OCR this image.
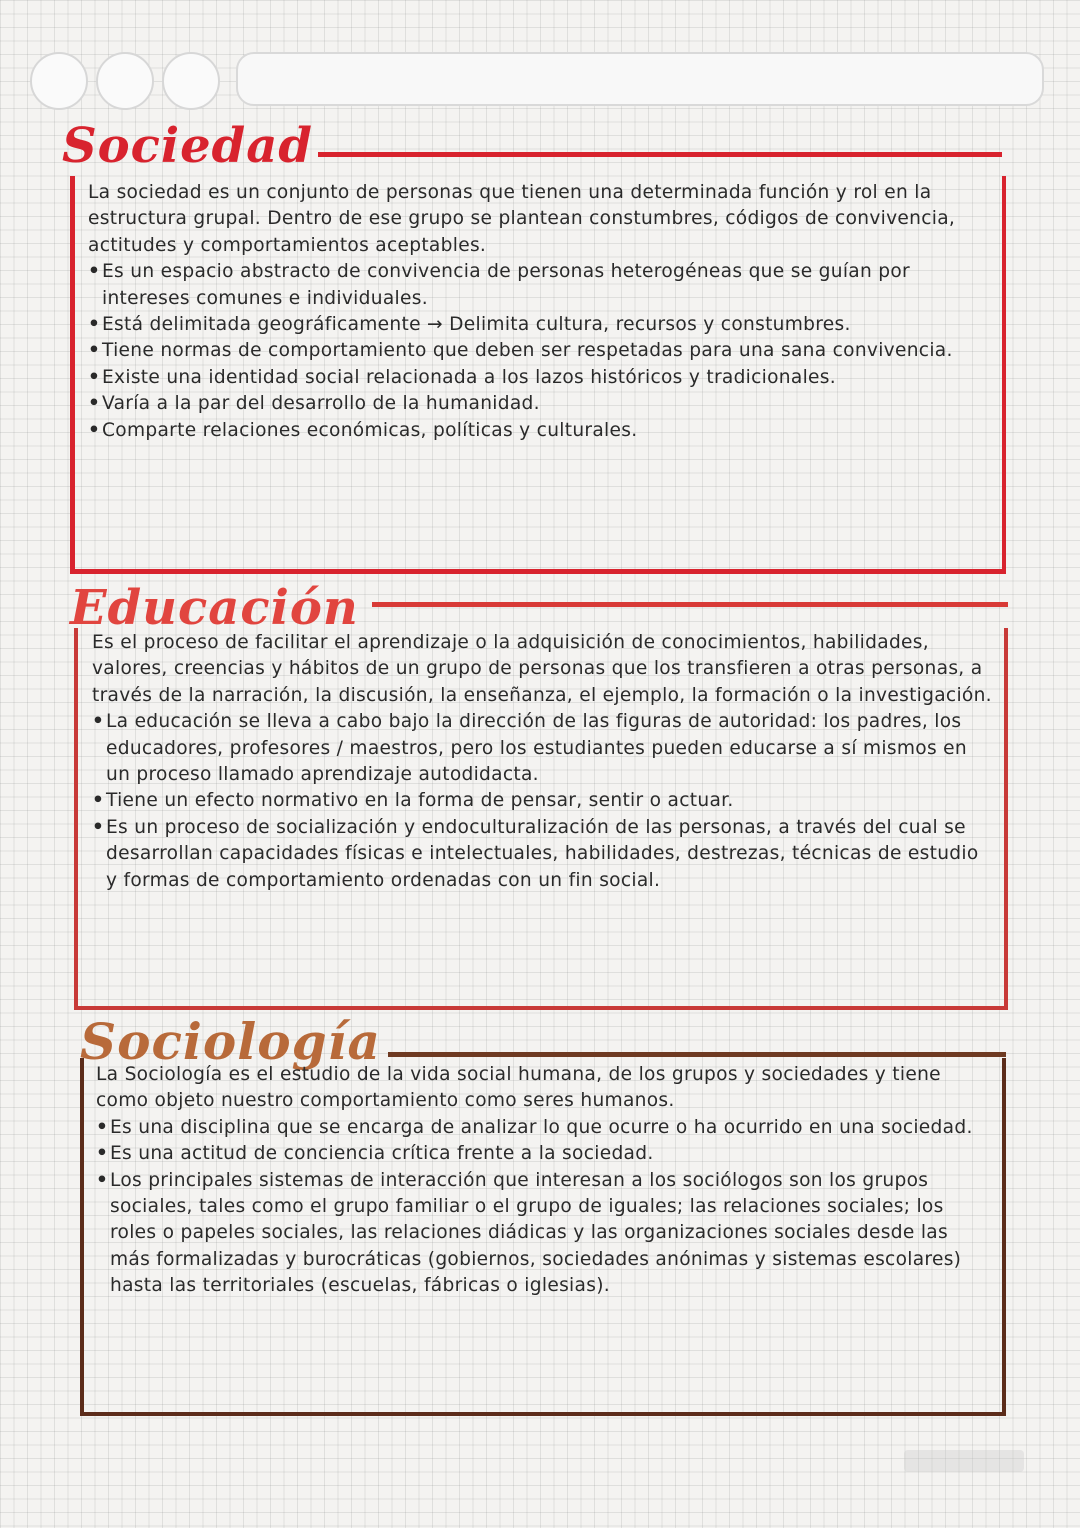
Sociedad

La sociedad es un conjunto de personas que tienen una determinada función y rol en la estructura grupal. Dentro de ese grupo se plantean constumbres, códigos de convivencia, actitudes y comportamientos aceptables.

• Es un espacio abstracto de convivencia de personas heterogéneas que se guían por intereses comunes e individuales.
• Está delimitada geográficamente → Delimita cultura, recursos y constumbres.
• Tiene normas de comportamiento que deben ser respetadas para una sana convivencia.
• Existe una identidad social relacionada a los lazos históricos y tradicionales.
• Varía a la par del desarrollo de la humanidad.
• Comparte relaciones económicas, políticas y culturales.
Educación

Es el proceso de facilitar el aprendizaje o la adquisición de conocimientos, habilidades, valores, creencias y hábitos de un grupo de personas que los transfieren a otras personas, a través de la narración, la discusión, la enseñanza, el ejemplo, la formación o la investigación.

• La educación se lleva a cabo bajo la dirección de las figuras de autoridad: los padres, los educadores, profesores / maestros, pero los estudiantes pueden educarse a sí mismos en un proceso llamado aprendizaje autodidacta.
• Tiene un efecto normativo en la forma de pensar, sentir o actuar.
• Es un proceso de socialización y endoculturalización de las personas, a través del cual se desarrollan capacidades físicas e intelectuales, habilidades, destrezas, técnicas de estudio y formas de comportamiento ordenadas con un fin social.
Sociología

La Sociología es el estudio de la vida social humana, de los grupos y sociedades y tiene como objeto nuestro comportamiento como seres humanos.

• Es una disciplina que se encarga de analizar lo que ocurre o ha ocurrido en una sociedad.
• Es una actitud de conciencia crítica frente a la sociedad.
• Los principales sistemas de interacción que interesan a los sociólogos son los grupos sociales, tales como el grupo familiar o el grupo de iguales; las relaciones sociales; los roles o papeles sociales, las relaciones diádicas y las organizaciones sociales desde las más formalizadas y burocráticas (gobiernos, sociedades anónimas y sistemas escolares) hasta las territoriales (escuelas, fábricas o iglesias).
